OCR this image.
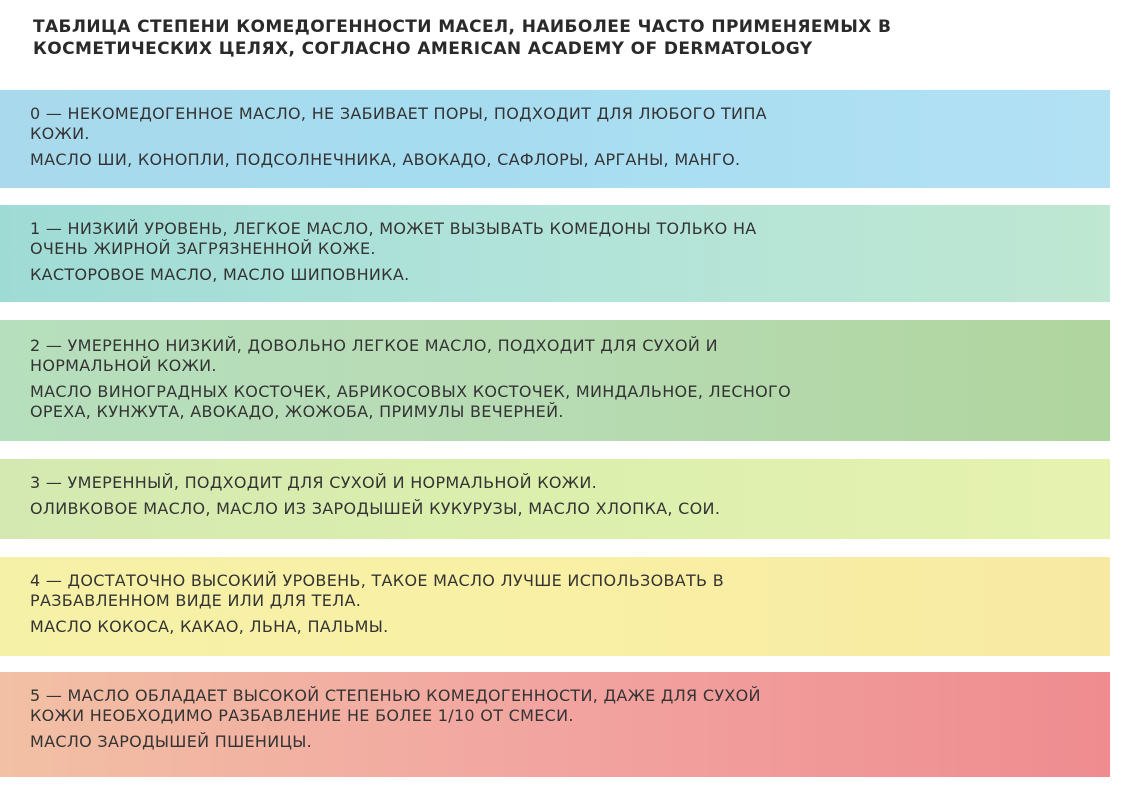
ТАБЛИЦА СТЕПЕНИ КОМЕДОГЕННОСТИ МАСЕЛ, НАИБОЛЕЕ ЧАСТО ПРИМЕНЯЕМЫХ В
КОСМЕТИЧЕСКИХ ЦЕЛЯХ, СОГЛАСНО AMERICAN ACADEMY OF DERMATOLOGY
0 — НЕКОМЕДОГЕННОЕ МАСЛО, НЕ ЗАБИВАЕТ ПОРЫ, ПОДХОДИТ ДЛЯ ЛЮБОГО ТИПА
КОЖИ.
МАСЛО ШИ, КОНОПЛИ, ПОДСОЛНЕЧНИКА, АВОКАДО, САФЛОРЫ, АРГАНЫ, МАНГО.
1 — НИЗКИЙ УРОВЕНЬ, ЛЕГКОЕ МАСЛО, МОЖЕТ ВЫЗЫВАТЬ КОМЕДОНЫ ТОЛЬКО НА
ОЧЕНЬ ЖИРНОЙ ЗАГРЯЗНЕННОЙ КОЖЕ.
КАСТОРОВОЕ МАСЛО, МАСЛО ШИПОВНИКА.
2 — УМЕРЕННО НИЗКИЙ, ДОВОЛЬНО ЛЕГКОЕ МАСЛО, ПОДХОДИТ ДЛЯ СУХОЙ И
НОРМАЛЬНОЙ КОЖИ.
МАСЛО ВИНОГРАДНЫХ КОСТОЧЕК, АБРИКОСОВЫХ КОСТОЧЕК, МИНДАЛЬНОЕ, ЛЕСНОГО
ОРЕХА, КУНЖУТА, АВОКАДО, ЖОЖОБА, ПРИМУЛЫ ВЕЧЕРНЕЙ.
3 — УМЕРЕННЫЙ, ПОДХОДИТ ДЛЯ СУХОЙ И НОРМАЛЬНОЙ КОЖИ.
ОЛИВКОВОЕ МАСЛО, МАСЛО ИЗ ЗАРОДЫШЕЙ КУКУРУЗЫ, МАСЛО ХЛОПКА, СОИ.
4 — ДОСТАТОЧНО ВЫСОКИЙ УРОВЕНЬ, ТАКОЕ МАСЛО ЛУЧШЕ ИСПОЛЬЗОВАТЬ В
РАЗБАВЛЕННОМ ВИДЕ ИЛИ ДЛЯ ТЕЛА.
МАСЛО КОКОСА, КАКАО, ЛЬНА, ПАЛЬМЫ.
5 — МАСЛО ОБЛАДАЕТ ВЫСОКОЙ СТЕПЕНЬЮ КОМЕДОГЕННОСТИ, ДАЖЕ ДЛЯ СУХОЙ
КОЖИ НЕОБХОДИМО РАЗБАВЛЕНИЕ НЕ БОЛЕЕ 1/10 ОТ СМЕСИ.
МАСЛО ЗАРОДЫШЕЙ ПШЕНИЦЫ.
